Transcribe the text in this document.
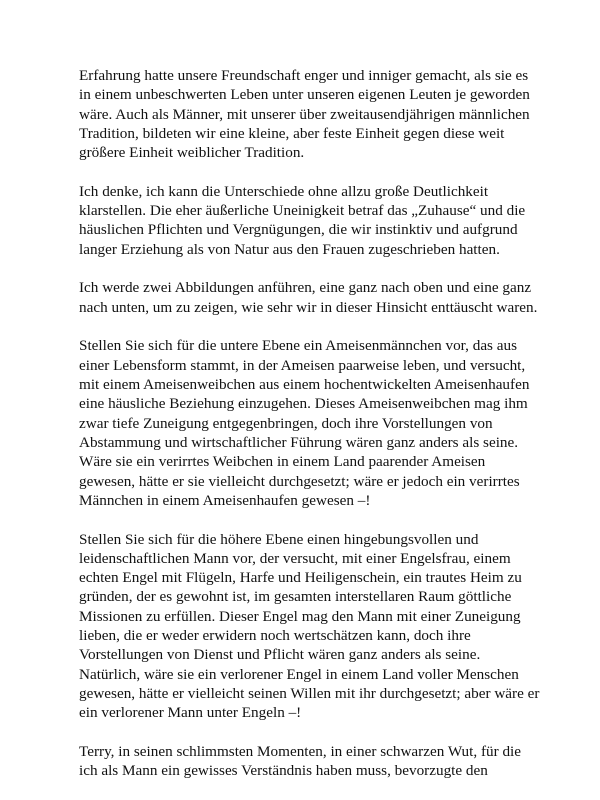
Erfahrung hatte unsere Freundschaft enger und inniger gemacht, als sie es
in einem unbeschwerten Leben unter unseren eigenen Leuten je geworden
wäre. Auch als Männer, mit unserer über zweitausendjährigen männlichen
Tradition, bildeten wir eine kleine, aber feste Einheit gegen diese weit
größere Einheit weiblicher Tradition.

Ich denke, ich kann die Unterschiede ohne allzu große Deutlichkeit
klarstellen. Die eher äußerliche Uneinigkeit betraf das „Zuhause“ und die
häuslichen Pflichten und Vergnügungen, die wir instinktiv und aufgrund
langer Erziehung als von Natur aus den Frauen zugeschrieben hatten.

Ich werde zwei Abbildungen anführen, eine ganz nach oben und eine ganz
nach unten, um zu zeigen, wie sehr wir in dieser Hinsicht enttäuscht waren.

Stellen Sie sich für die untere Ebene ein Ameisenmännchen vor, das aus
einer Lebensform stammt, in der Ameisen paarweise leben, und versucht,
mit einem Ameisenweibchen aus einem hochentwickelten Ameisenhaufen
eine häusliche Beziehung einzugehen. Dieses Ameisenweibchen mag ihm
zwar tiefe Zuneigung entgegenbringen, doch ihre Vorstellungen von
Abstammung und wirtschaftlicher Führung wären ganz anders als seine.
Wäre sie ein verirrtes Weibchen in einem Land paarender Ameisen
gewesen, hätte er sie vielleicht durchgesetzt; wäre er jedoch ein verirrtes
Männchen in einem Ameisenhaufen gewesen –!

Stellen Sie sich für die höhere Ebene einen hingebungsvollen und
leidenschaftlichen Mann vor, der versucht, mit einer Engelsfrau, einem
echten Engel mit Flügeln, Harfe und Heiligenschein, ein trautes Heim zu
gründen, der es gewohnt ist, im gesamten interstellaren Raum göttliche
Missionen zu erfüllen. Dieser Engel mag den Mann mit einer Zuneigung
lieben, die er weder erwidern noch wertschätzen kann, doch ihre
Vorstellungen von Dienst und Pflicht wären ganz anders als seine.
Natürlich, wäre sie ein verlorener Engel in einem Land voller Menschen
gewesen, hätte er vielleicht seinen Willen mit ihr durchgesetzt; aber wäre er
ein verlorener Mann unter Engeln –!

Terry, in seinen schlimmsten Momenten, in einer schwarzen Wut, für die
ich als Mann ein gewisses Verständnis haben muss, bevorzugte den
